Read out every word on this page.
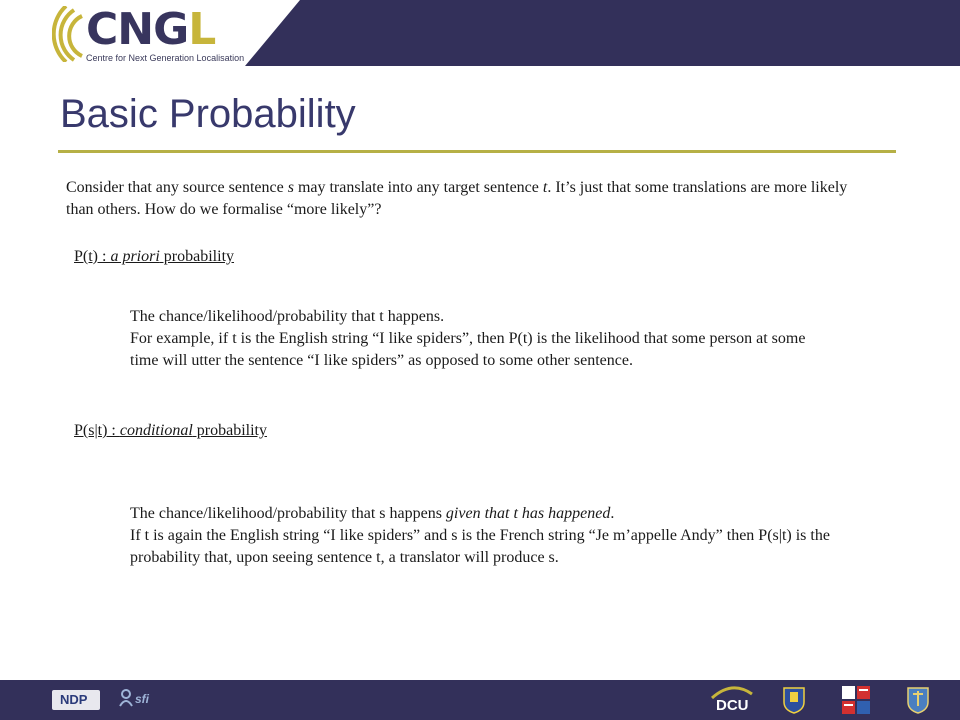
CNGL
Centre for Next Generation Localisation
Basic Probability

Consider that any source sentence s may translate into any target sentence t. It’s just that some translations are more likely than others. How do we formalise “more likely”?

P(t) : a priori probability

The chance/likelihood/probability that t happens.

For example, if t is the English string “I like spiders”, then P(t) is the likelihood that some person at some time will utter the sentence “I like spiders” as opposed to some other sentence.

P(s|t) : conditional probability

The chance/likelihood/probability that s happens given that t has happened.

If t is again the English string “I like spiders” and s is the French string “Je m’appelle Andy” then P(s|t) is the probability that, upon seeing sentence t, a translator will produce s.

NDP	sfi	DCU
